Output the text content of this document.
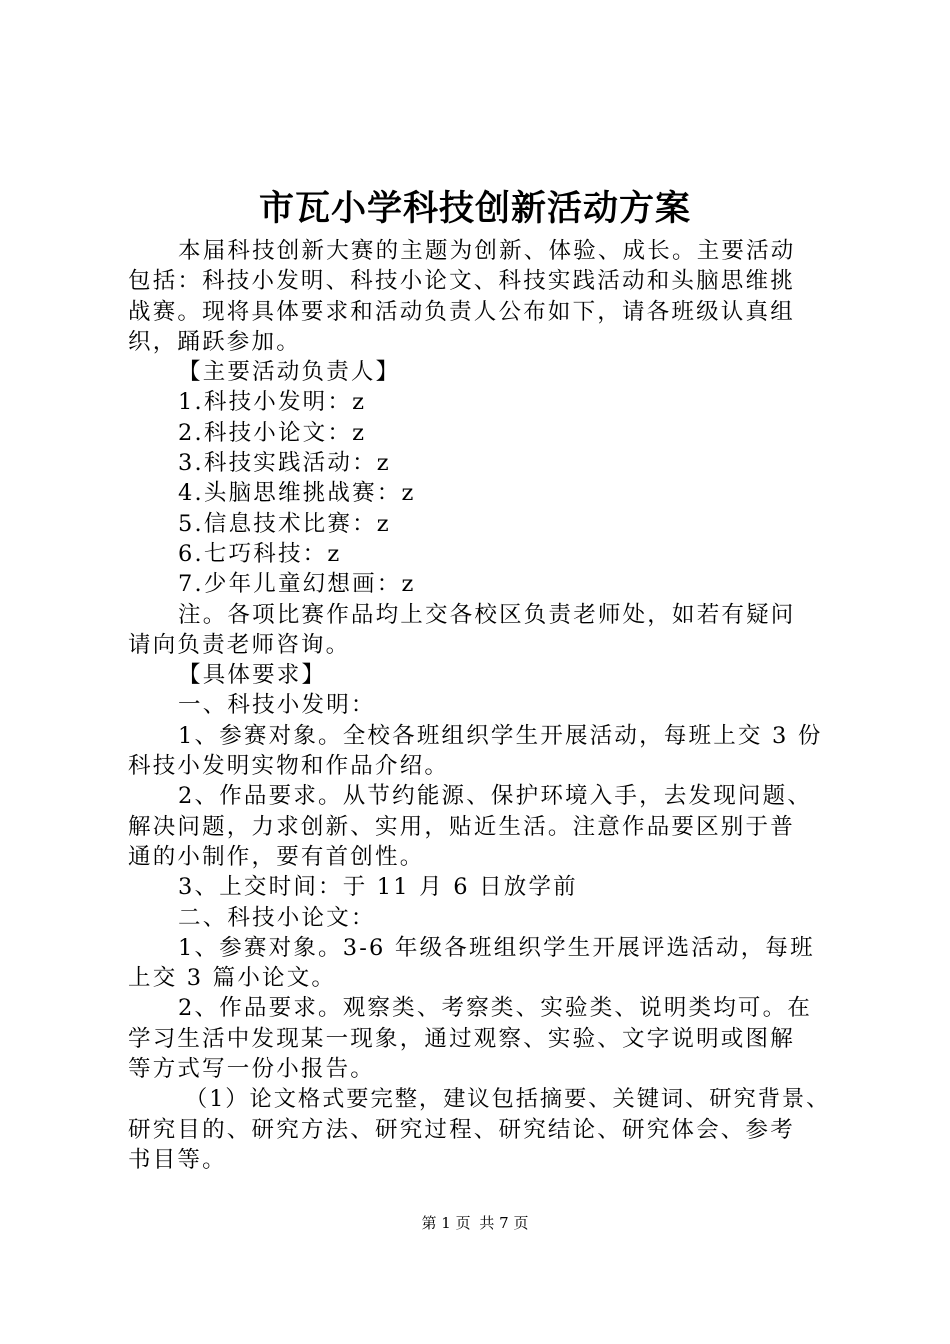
市瓦小学科技创新活动方案
本届科技创新大赛的主题为创新、体验、成长。主要活动
包括：科技小发明、科技小论文、科技实践活动和头脑思维挑
战赛。现将具体要求和活动负责人公布如下，请各班级认真组
织，踊跃参加。
【主要活动负责人】
1.科技小发明：z
2.科技小论文：z
3.科技实践活动：z
4.头脑思维挑战赛：z
5.信息技术比赛：z
6.七巧科技：z
7.少年儿童幻想画：z
注。各项比赛作品均上交各校区负责老师处，如若有疑问
请向负责老师咨询。
【具体要求】
一、科技小发明：
1、参赛对象。全校各班组织学生开展活动，每班上交 3 份
科技小发明实物和作品介绍。
2、作品要求。从节约能源、保护环境入手，去发现问题、
解决问题，力求创新、实用，贴近生活。注意作品要区别于普
通的小制作，要有首创性。
3、上交时间：于 11 月 6 日放学前
二、科技小论文：
1、参赛对象。3-6 年级各班组织学生开展评选活动，每班
上交 3 篇小论文。
2、作品要求。观察类、考察类、实验类、说明类均可。在
学习生活中发现某一现象，通过观察、实验、文字说明或图解
等方式写一份小报告。
（1）论文格式要完整，建议包括摘要、关键词、研究背景、
研究目的、研究方法、研究过程、研究结论、研究体会、参考
书目等。
第 1 页 共 7 页
